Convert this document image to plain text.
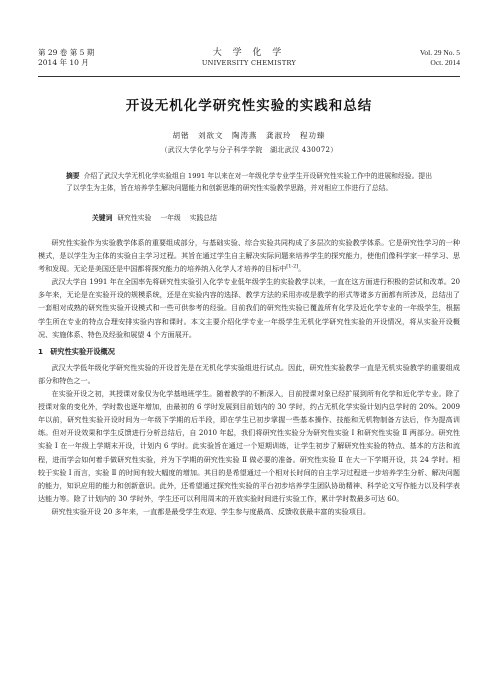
第 29 卷 第 5 期
2014 年 10 月
大 学 化 学
UNIVERSITY CHEMISTRY
Vol. 29 No. 5
Oct. 2014
开设无机化学研究性实验的实践和总结
胡锴　刘欲文　陶涛燕　龚淑玲　程功臻
（武汉大学化学与分子科学学院　湖北武汉 430072）
摘要 介绍了武汉大学无机化学实验组自 1991 年以来在对一年级化学专业学生开设研究性实验工作中的进展和经验。提出了以学生为主体，旨在培养学生解决问题能力和创新思维的研究性实验教学思路，并对相应工作进行了总结。
关键词 研究性实验 一年级 实践总结

研究性实验作为实验教学体系的重要组成部分，与基础实验、综合实验共同构成了多层次的实验教学体系。它是研究性学习的一种模式，是以学生为主体的实验自主学习过程。其旨在通过学生自主解决实际问题来培养学生的探究能力，使他们像科学家一样学习、思考和发现。无论是美国还是中国都将探究能力的培养纳入化学人才培养的目标中[1-2]。

武汉大学自 1991 年在全国率先将研究性实验引入化学专业低年级学生的实验教学以来，一直在这方面进行积极的尝试和改革。20 多年来，无论是在实验开设的规模系统，还是在实验内容的选择、教学方法的采用亦或是教学的形式等诸多方面都有所涉及，总结出了一套相对成熟的研究性实验开设模式和一些可供参考的经验。目前我们的研究性实验已覆盖所有化学及近化学专业的一年级学生，根据学生所在专业的特点合理安排实验内容和课时。本文主要介绍化学专业一年级学生无机化学研究性实验的开设情况，将从实验开设概况、实施体系、特色及经验和展望 4 个方面展开。

1　研究性实验开设概况

武汉大学低年级化学研究性实验的开设首先是在无机化学实验组进行试点。因此，研究性实验教学一直是无机实验教学的重要组成部分和特色之一。

在实验开设之初，其授课对象仅为化学基地班学生。随着教学的不断深入，目前授课对象已经扩展到所有化学和近化学专业。除了授课对象的变化外，学时数也逐年增加，由最初的 6 学时发展到目前划内的 30 学时，约占无机化学实验计划内总学时的 20%。2009 年以前，研究性实验开设时间为一年级下学期的后半段，即在学生已初步掌握一些基本操作、技能和无机物制备方法后，作为提高训练。但对开设效果和学生反馈进行分析总结后，自 2010 年起，我们将研究性实验分为研究性实验 Ⅰ 和研究性实验 Ⅱ 两部分。研究性实验 Ⅰ 在一年级上学期末开设，计划内 6 学时。此实验旨在通过一个短期训练，让学生初步了解研究性实验的特点、基本的方法和流程，进而学会如何着手做研究性实验，并为下学期的研究性实验 Ⅱ 做必要的准备。研究性实验 Ⅱ 在大一下学期开设，共 24 学时。相较于实验 Ⅰ 而言，实验 Ⅱ 的时间有较大幅度的增加。其目的是希望通过一个相对长时间的自主学习过程进一步培养学生分析、解决问题的能力，知识应用的能力和创新意识。此外，还希望通过探究性实验的平台初步培养学生团队协助精神、科学论文写作能力以及科学表达能力等。除了计划内的 30 学时外，学生还可以利用周末的开放实验时间进行实验工作，累计学时数最多可达 60。

研究性实验开设 20 多年来，一直都是最受学生欢迎、学生参与度最高、反馈收获最丰富的实验项目。
